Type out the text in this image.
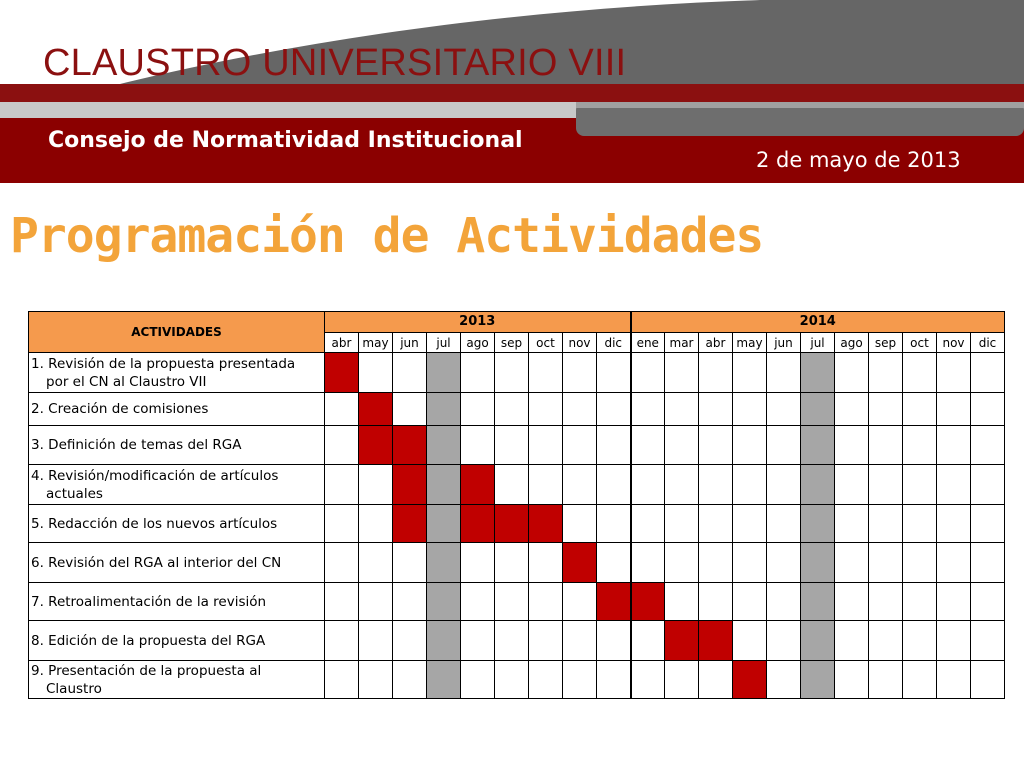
CLAUSTRO UNIVERSITARIO VIII
Consejo de Normatividad Institucional
2 de mayo de 2013
Programación de Actividades
ACTIVIDADES	2013									2014										
	abr	may	jun	jul	ago	sep	oct	nov	dic	ene	mar	abr	may	jun	jul	ago	sep	oct	nov	dic

1. Revisión de la propuesta presentada
por el CN al Claustro VII																				

2. Creación de comisiones																				

3. Definición de temas del RGA																				

4. Revisión/modificación de artículos
actuales																				

5. Redacción de los nuevos artículos																				

6. Revisión del RGA al interior del CN																				

7. Retroalimentación de la revisión																				

8. Edición de la propuesta del RGA																				

9. Presentación de la propuesta al
Claustro																				
